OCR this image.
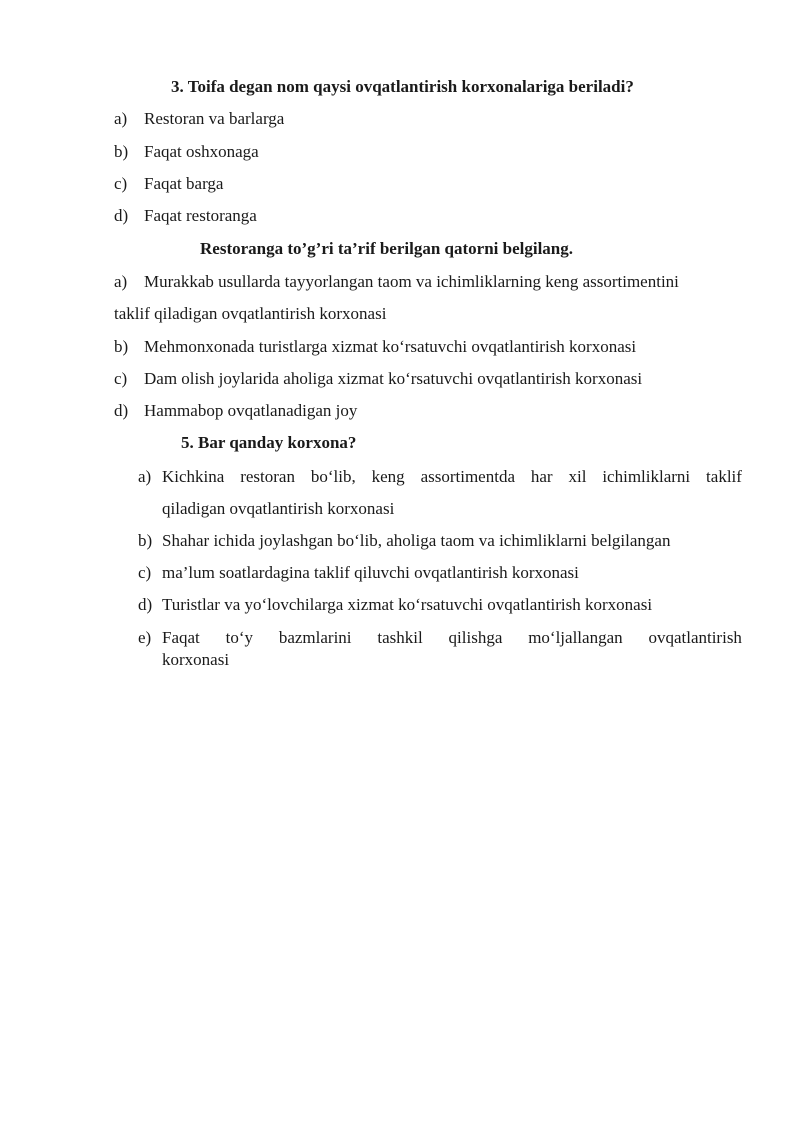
3. Toifa degan nom qaysi ovqatlantirish korxonalariga beriladi?
a) Restoran va barlarga
b) Faqat oshxonaga
c) Faqat barga
d) Faqat restoranga
Restoranga to’g’ri ta’rif berilgan qatorni belgilang.
a) Murakkab usullarda tayyorlangan taom va ichimliklarning keng assortimentini
taklif qiladigan ovqatlantirish korxonasi
b) Mehmonxonada turistlarga xizmat ko‘rsatuvchi ovqatlantirish korxonasi
c) Dam olish joylarida aholiga xizmat ko‘rsatuvchi ovqatlantirish korxonasi
d) Hammabop ovqatlanadigan joy
5. Bar qanday korxona?
a) Kichkina restoran bo‘lib, keng assortimentda har xil ichimliklarni taklif
qiladigan ovqatlantirish korxonasi
b) Shahar ichida joylashgan bo‘lib, aholiga taom va ichimliklarni belgilangan
c) ma’lum soatlardagina taklif qiluvchi ovqatlantirish korxonasi
d) Turistlar va yo‘lovchilarga xizmat ko‘rsatuvchi ovqatlantirish korxonasi
e) Faqat to‘y bazmlarini tashkil qilishga mo‘ljallangan ovqatlantirish
korxonasi
